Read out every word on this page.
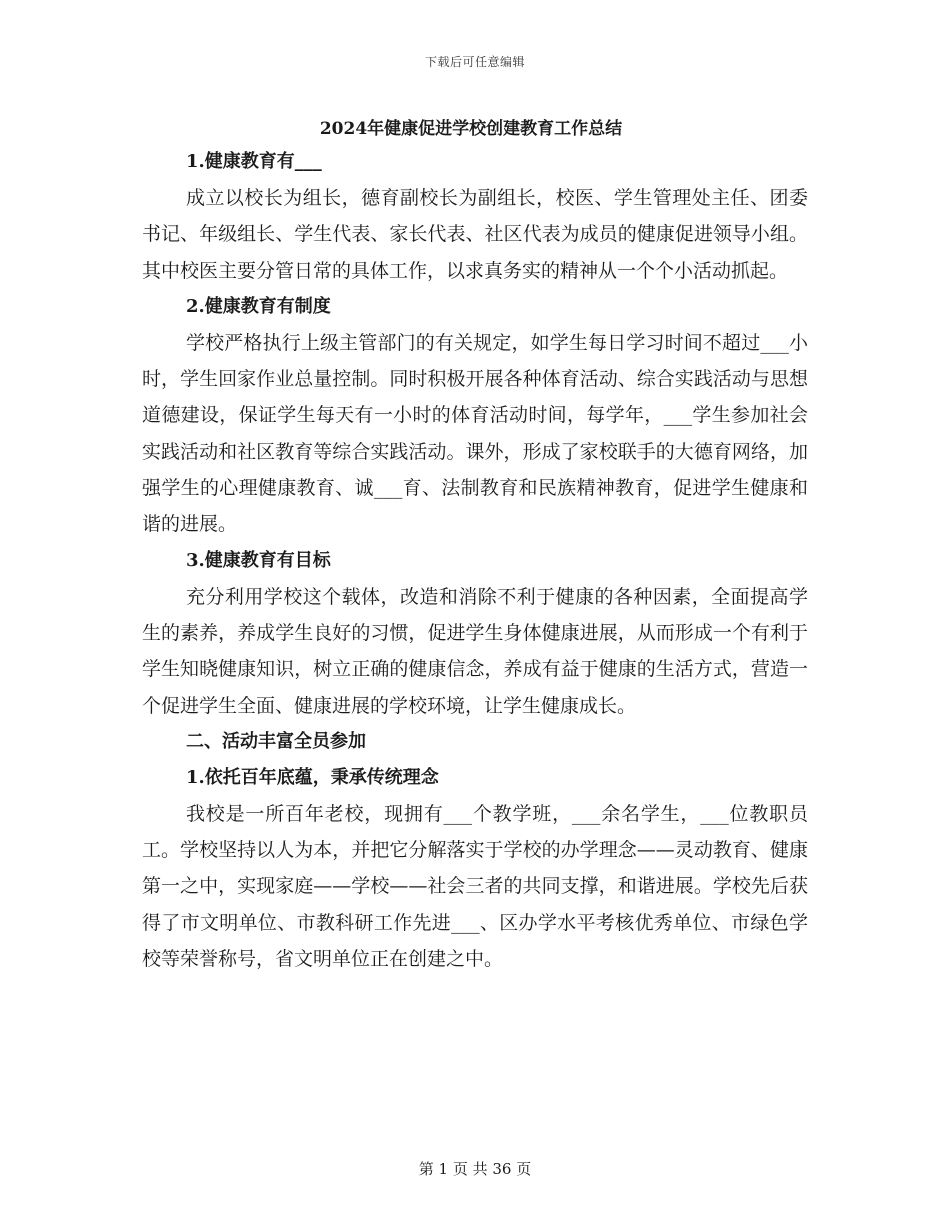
下载后可任意编辑
2024年健康促进学校创建教育工作总结
1.健康教育有___

成立以校长为组长，德育副校长为副组长，校医、学生管理处主任、团委书记、年级组长、学生代表、家长代表、社区代表为成员的健康促进领导小组。其中校医主要分管日常的具体工作，以求真务实的精神从一个个小活动抓起。

2.健康教育有制度

学校严格执行上级主管部门的有关规定，如学生每日学习时间不超过___小时，学生回家作业总量控制。同时积极开展各种体育活动、综合实践活动与思想道德建设，保证学生每天有一小时的体育活动时间，每学年，___学生参加社会实践活动和社区教育等综合实践活动。课外，形成了家校联手的大德育网络，加强学生的心理健康教育、诚___育、法制教育和民族精神教育，促进学生健康和谐的进展。

3.健康教育有目标

充分利用学校这个载体，改造和消除不利于健康的各种因素，全面提高学生的素养，养成学生良好的习惯，促进学生身体健康进展，从而形成一个有利于学生知晓健康知识，树立正确的健康信念，养成有益于健康的生活方式，营造一个促进学生全面、健康进展的学校环境，让学生健康成长。

二、活动丰富全员参加
1.依托百年底蕴，秉承传统理念

我校是一所百年老校，现拥有___个教学班，___余名学生，___位教职员工。学校坚持以人为本，并把它分解落实于学校的办学理念——灵动教育、健康第一之中，实现家庭——学校——社会三者的共同支撑，和谐进展。学校先后获得了市文明单位、市教科研工作先进___、区办学水平考核优秀单位、市绿色学校等荣誉称号，省文明单位正在创建之中。

第 1 页 共 36 页
